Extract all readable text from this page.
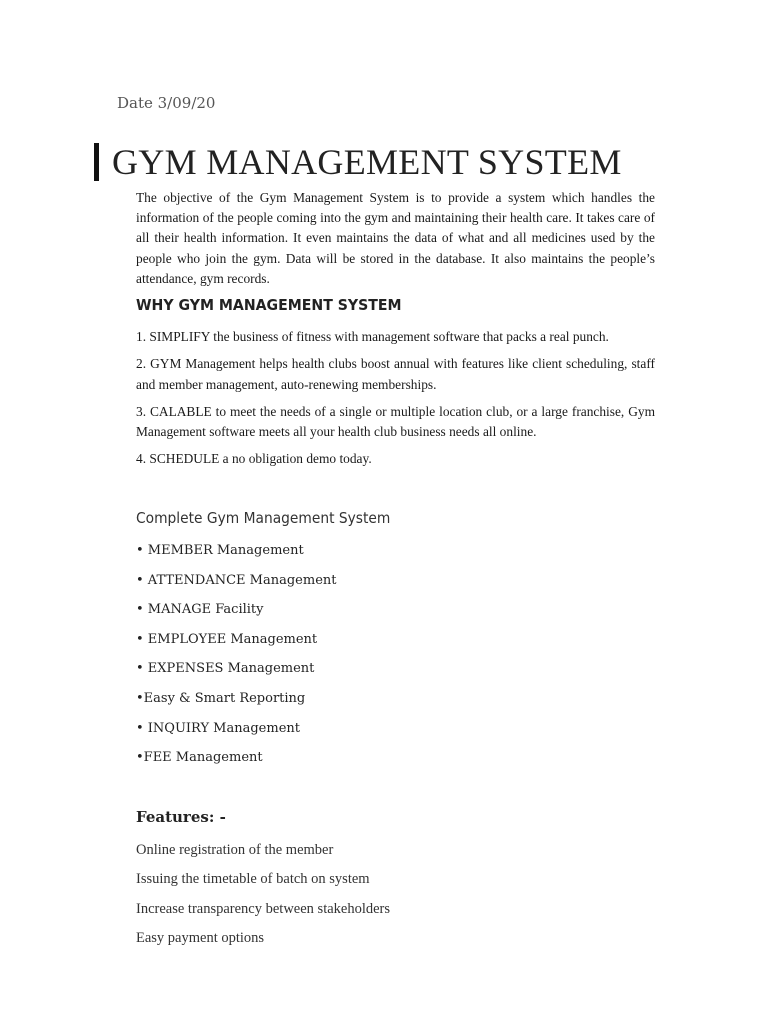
Date 3/09/20
GYM MANAGEMENT SYSTEM

The objective of the Gym Management System is to provide a system which handles the information of the people coming into the gym and maintaining their health care. It takes care of all their health information. It even maintains the data of what and all medicines used by the people who join the gym. Data will be stored in the database. It also maintains the people’s attendance, gym records.

WHY GYM MANAGEMENT SYSTEM
1. SIMPLIFY the business of fitness with management software that packs a real punch.
2. GYM Management helps health clubs boost annual with features like client scheduling, staff and member management, auto-renewing memberships.
3. CALABLE to meet the needs of a single or multiple location club, or a large franchise, Gym Management software meets all your health club business needs all online.
4. SCHEDULE a no obligation demo today.
Complete Gym Management System
• MEMBER Management
• ATTENDANCE Management
• MANAGE Facility
• EMPLOYEE Management
• EXPENSES Management
•Easy & Smart Reporting
• INQUIRY Management
•FEE Management
Features: -
Online registration of the member
Issuing the timetable of batch on system
Increase transparency between stakeholders
Easy payment options
